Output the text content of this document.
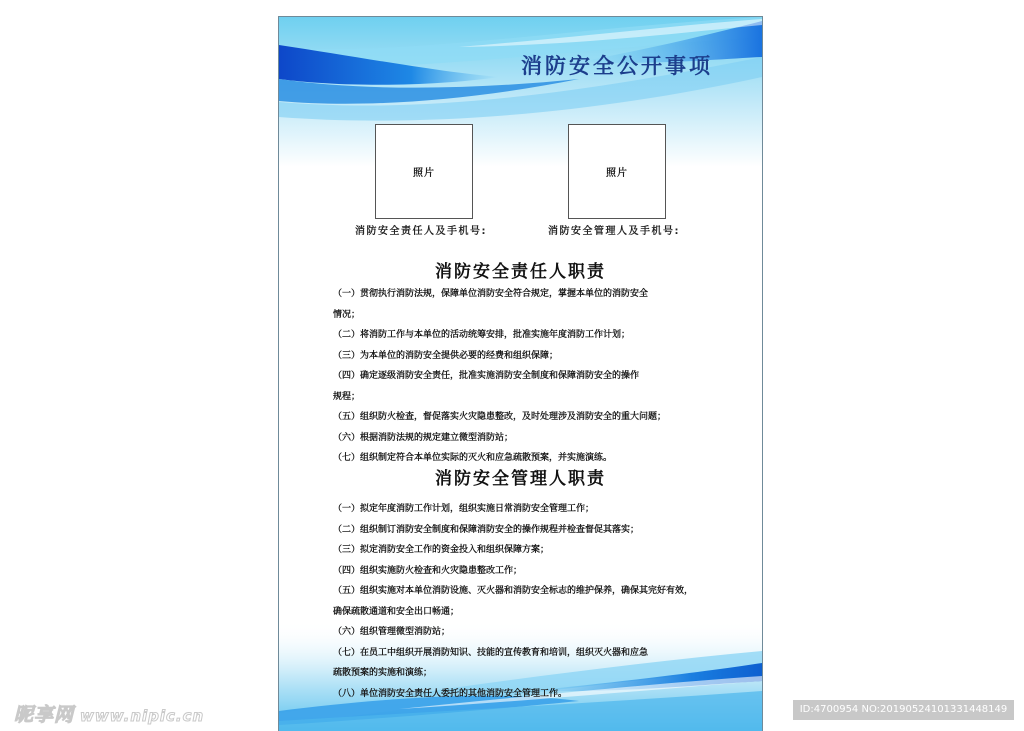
消防安全公开事项
照片	照片
消防安全责任人及手机号:	消防安全管理人及手机号:
消防安全责任人职责
（一）贯彻执行消防法规，保障单位消防安全符合规定，掌握本单位的消防安全
情况；
（二）将消防工作与本单位的活动统筹安排，批准实施年度消防工作计划；
（三）为本单位的消防安全提供必要的经费和组织保障；
（四）确定逐级消防安全责任，批准实施消防安全制度和保障消防安全的操作
规程；
（五）组织防火检查，督促落实火灾隐患整改，及时处理涉及消防安全的重大问题；
（六）根据消防法规的规定建立微型消防站；
（七）组织制定符合本单位实际的灭火和应急疏散预案，并实施演练。
消防安全管理人职责
（一）拟定年度消防工作计划，组织实施日常消防安全管理工作；
（二）组织制订消防安全制度和保障消防安全的操作规程并检查督促其落实；
（三）拟定消防安全工作的资金投入和组织保障方案；
（四）组织实施防火检查和火灾隐患整改工作；
（五）组织实施对本单位消防设施、灭火器和消防安全标志的维护保养，确保其完好有效，
确保疏散通道和安全出口畅通；
（六）组织管理微型消防站；
（七）在员工中组织开展消防知识、技能的宣传教育和培训，组织灭火器和应急
疏散预案的实施和演练；
（八）单位消防安全责任人委托的其他消防安全管理工作。
昵享网 www.nipic.cn	ID:4700954 NO:20190524101331448149
